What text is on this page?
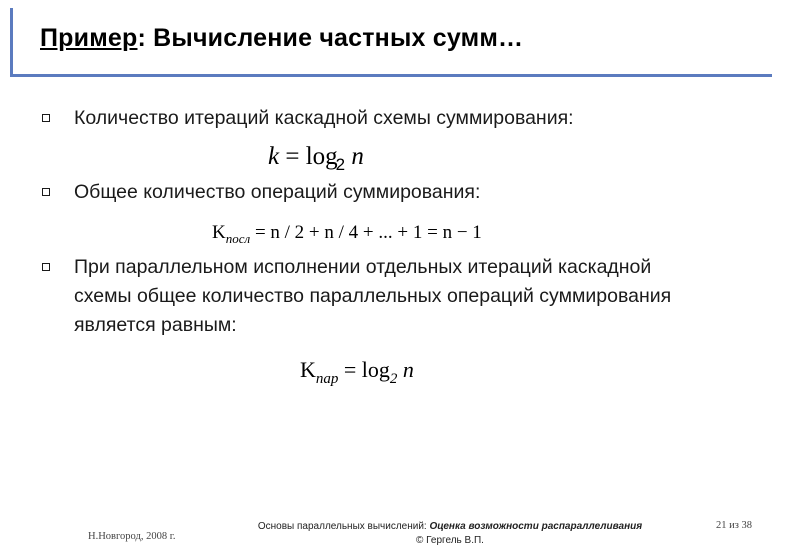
Пример: Вычисление частных сумм…
Количество итераций каскадной схемы суммирования:
$k = \log_2 n$
Общее количество операций суммирования:
$K_{посл} = n / 2 + n / 4$ + ... + 1 = n − 1
При параллельном исполнении отдельных итераций каскадной схемы общее количество параллельных операций суммирования является равным:
$K_{пар} = \log_2 n$
Н.Новгород, 2008 г.
Основы параллельных вычислений: Оценка возможности распараллеливания
© Гергель В.П.
21 из 38
